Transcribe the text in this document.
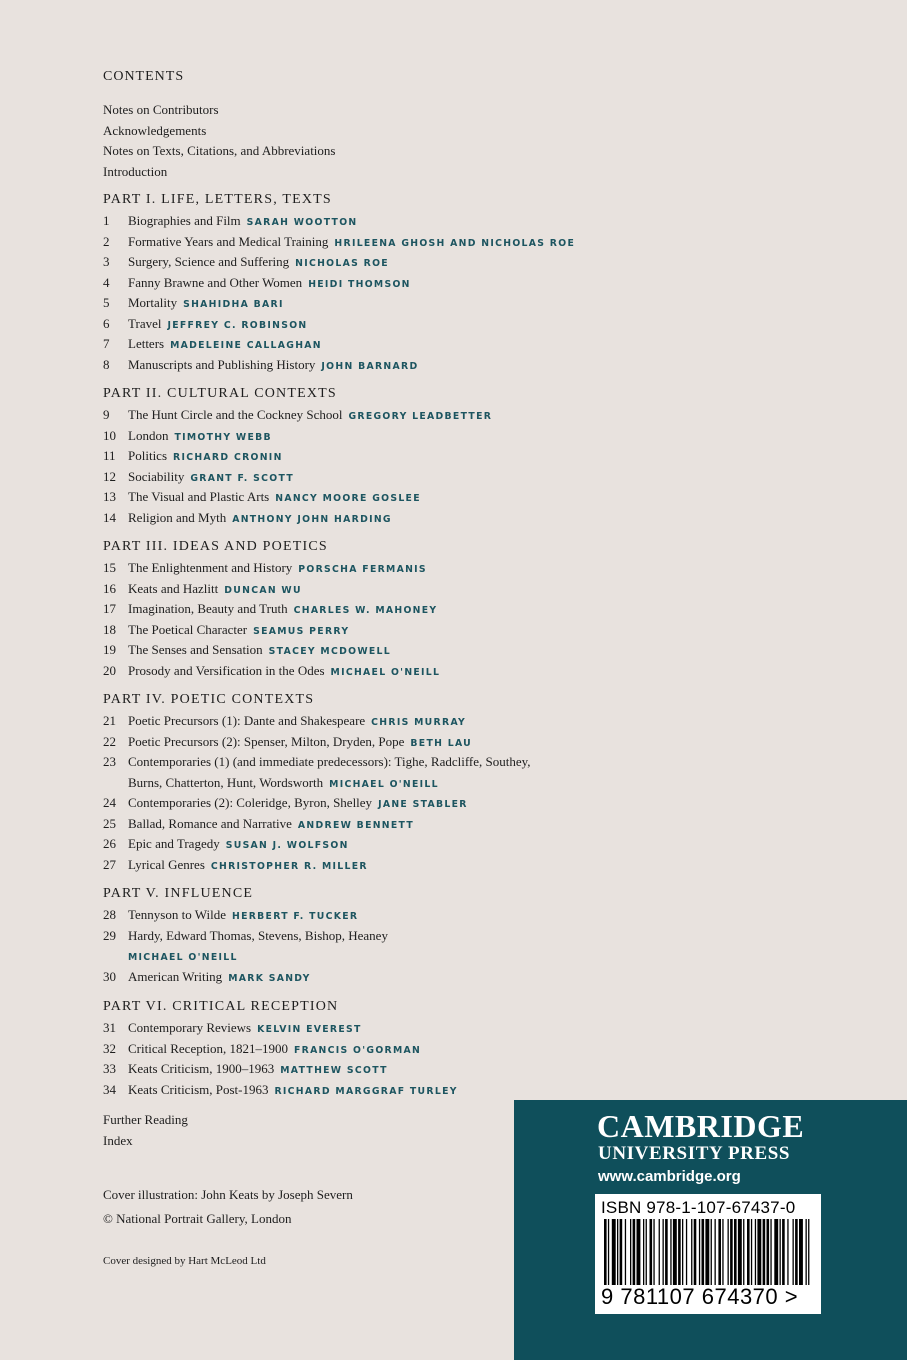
CONTENTS
Notes on Contributors
Acknowledgements
Notes on Texts, Citations, and Abbreviations
Introduction
PART I. LIFE, LETTERS, TEXTS
1 Biographies and Film SARAH WOOTTON
2 Formative Years and Medical Training HRILEENA GHOSH AND NICHOLAS ROE
3 Surgery, Science and Suffering NICHOLAS ROE
4 Fanny Brawne and Other Women HEIDI THOMSON
5 Mortality SHAHIDHA BARI
6 Travel JEFFREY C. ROBINSON
7 Letters MADELEINE CALLAGHAN
8 Manuscripts and Publishing History JOHN BARNARD
PART II. CULTURAL CONTEXTS
9 The Hunt Circle and the Cockney School GREGORY LEADBETTER
10 London TIMOTHY WEBB
11 Politics RICHARD CRONIN
12 Sociability GRANT F. SCOTT
13 The Visual and Plastic Arts NANCY MOORE GOSLEE
14 Religion and Myth ANTHONY JOHN HARDING
PART III. IDEAS AND POETICS
15 The Enlightenment and History PORSCHA FERMANIS
16 Keats and Hazlitt DUNCAN WU
17 Imagination, Beauty and Truth CHARLES W. MAHONEY
18 The Poetical Character SEAMUS PERRY
19 The Senses and Sensation STACEY MCDOWELL
20 Prosody and Versification in the Odes MICHAEL O'NEILL
PART IV. POETIC CONTEXTS
21 Poetic Precursors (1): Dante and Shakespeare CHRIS MURRAY
22 Poetic Precursors (2): Spenser, Milton, Dryden, Pope BETH LAU
23 Contemporaries (1) (and immediate predecessors): Tighe, Radcliffe, Southey,
Burns, Chatterton, Hunt, Wordsworth MICHAEL O'NEILL
24 Contemporaries (2): Coleridge, Byron, Shelley JANE STABLER
25 Ballad, Romance and Narrative ANDREW BENNETT
26 Epic and Tragedy SUSAN J. WOLFSON
27 Lyrical Genres CHRISTOPHER R. MILLER
PART V. INFLUENCE
28 Tennyson to Wilde HERBERT F. TUCKER
29 Hardy, Edward Thomas, Stevens, Bishop, Heaney
MICHAEL O'NEILL
30 American Writing MARK SANDY
PART VI. CRITICAL RECEPTION
31 Contemporary Reviews KELVIN EVEREST
32 Critical Reception, 1821–1900 FRANCIS O'GORMAN
33 Keats Criticism, 1900–1963 MATTHEW SCOTT
34 Keats Criticism, Post-1963 RICHARD MARGGRAF TURLEY
Further Reading
Index
Cover illustration: John Keats by Joseph Severn
© National Portrait Gallery, London
Cover designed by Hart McLeod Ltd
CAMBRIDGE
UNIVERSITY PRESS
www.cambridge.org
ISBN 978-1-107-67437-0
9 781107 674370 >
